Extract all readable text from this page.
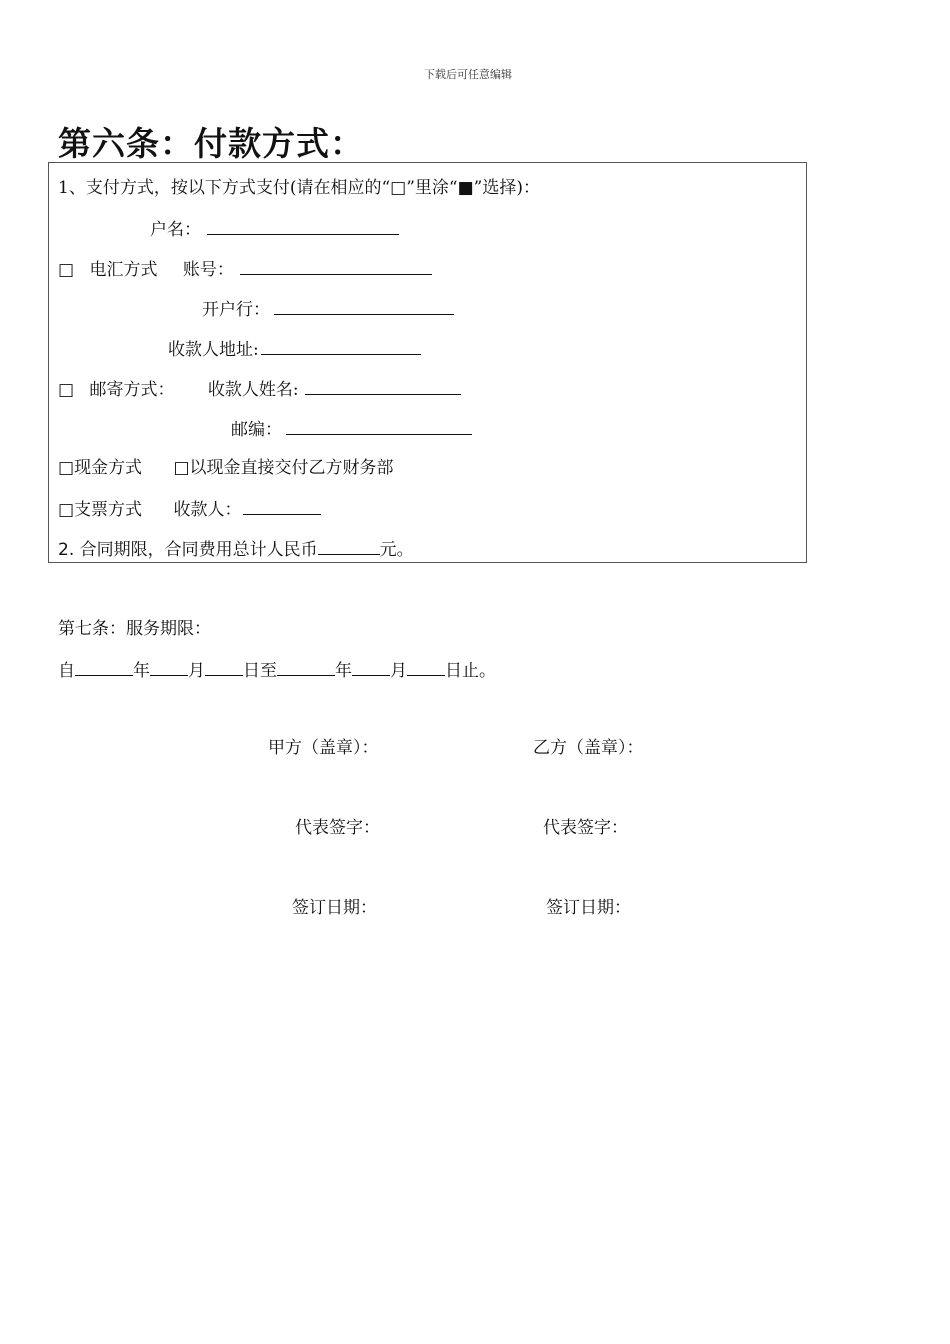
下载后可任意编辑
第六条：付款方式：
1、支付方式，按以下方式支付(请在相应的“□”里涂“■”选择)：
户名：
□ 电汇方式 账号：
开户行：
收款人地址:
□ 邮寄方式： 收款人姓名:
邮编：
□现金方式 □以现金直接交付乙方财务部
□支票方式 收款人：
2. 合同期限，合同费用总计人民币	元。
第七条：服务期限：
自	年 月 日至	年 月 日止。
甲方（盖章）：	乙方（盖章）：
代表签字：	代表签字：
签订日期：	签订日期：
